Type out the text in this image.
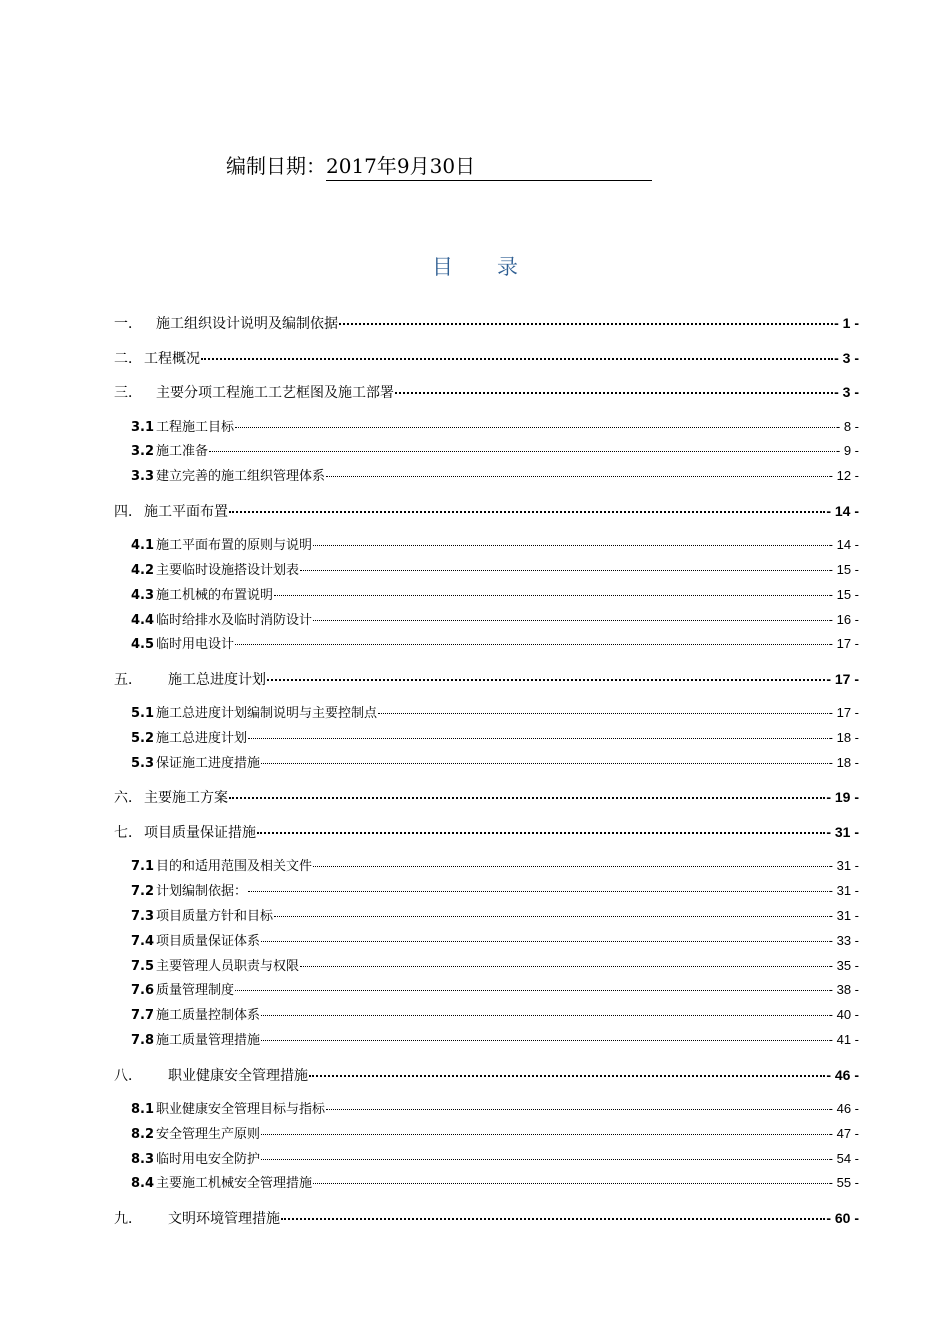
编制日期：2017年9月30日
目录
一． 施工组织设计说明及编制依据	- 1 -
二． 工程概况	- 3 -
三． 主要分项工程施工工艺框图及施工部署	- 3 -
3.1 工程施工目标	- 8 -
3.2 施工准备	- 9 -
3.3 建立完善的施工组织管理体系	- 12 -
四． 施工平面布置	- 14 -
4.1 施工平面布置的原则与说明	- 14 -
4.2 主要临时设施搭设计划表	- 15 -
4.3 施工机械的布置说明	- 15 -
4.4 临时给排水及临时消防设计	- 16 -
4.5 临时用电设计	- 17 -
五． 施工总进度计划	- 17 -
5.1 施工总进度计划编制说明与主要控制点	- 17 -
5.2 施工总进度计划	- 18 -
5.3 保证施工进度措施	- 18 -
六． 主要施工方案	- 19 -
七． 项目质量保证措施	- 31 -
7.1 目的和适用范围及相关文件	- 31 -
7.2 计划编制依据：	- 31 -
7.3 项目质量方针和目标	- 31 -
7.4 项目质量保证体系	- 33 -
7.5 主要管理人员职责与权限	- 35 -
7.6 质量管理制度	- 38 -
7.7 施工质量控制体系	- 40 -
7.8 施工质量管理措施	- 41 -
八． 职业健康安全管理措施	- 46 -
8.1 职业健康安全管理目标与指标	- 46 -
8.2 安全管理生产原则	- 47 -
8.3 临时用电安全防护	- 54 -
8.4 主要施工机械安全管理措施	- 55 -
九． 文明环境管理措施	- 60 -
